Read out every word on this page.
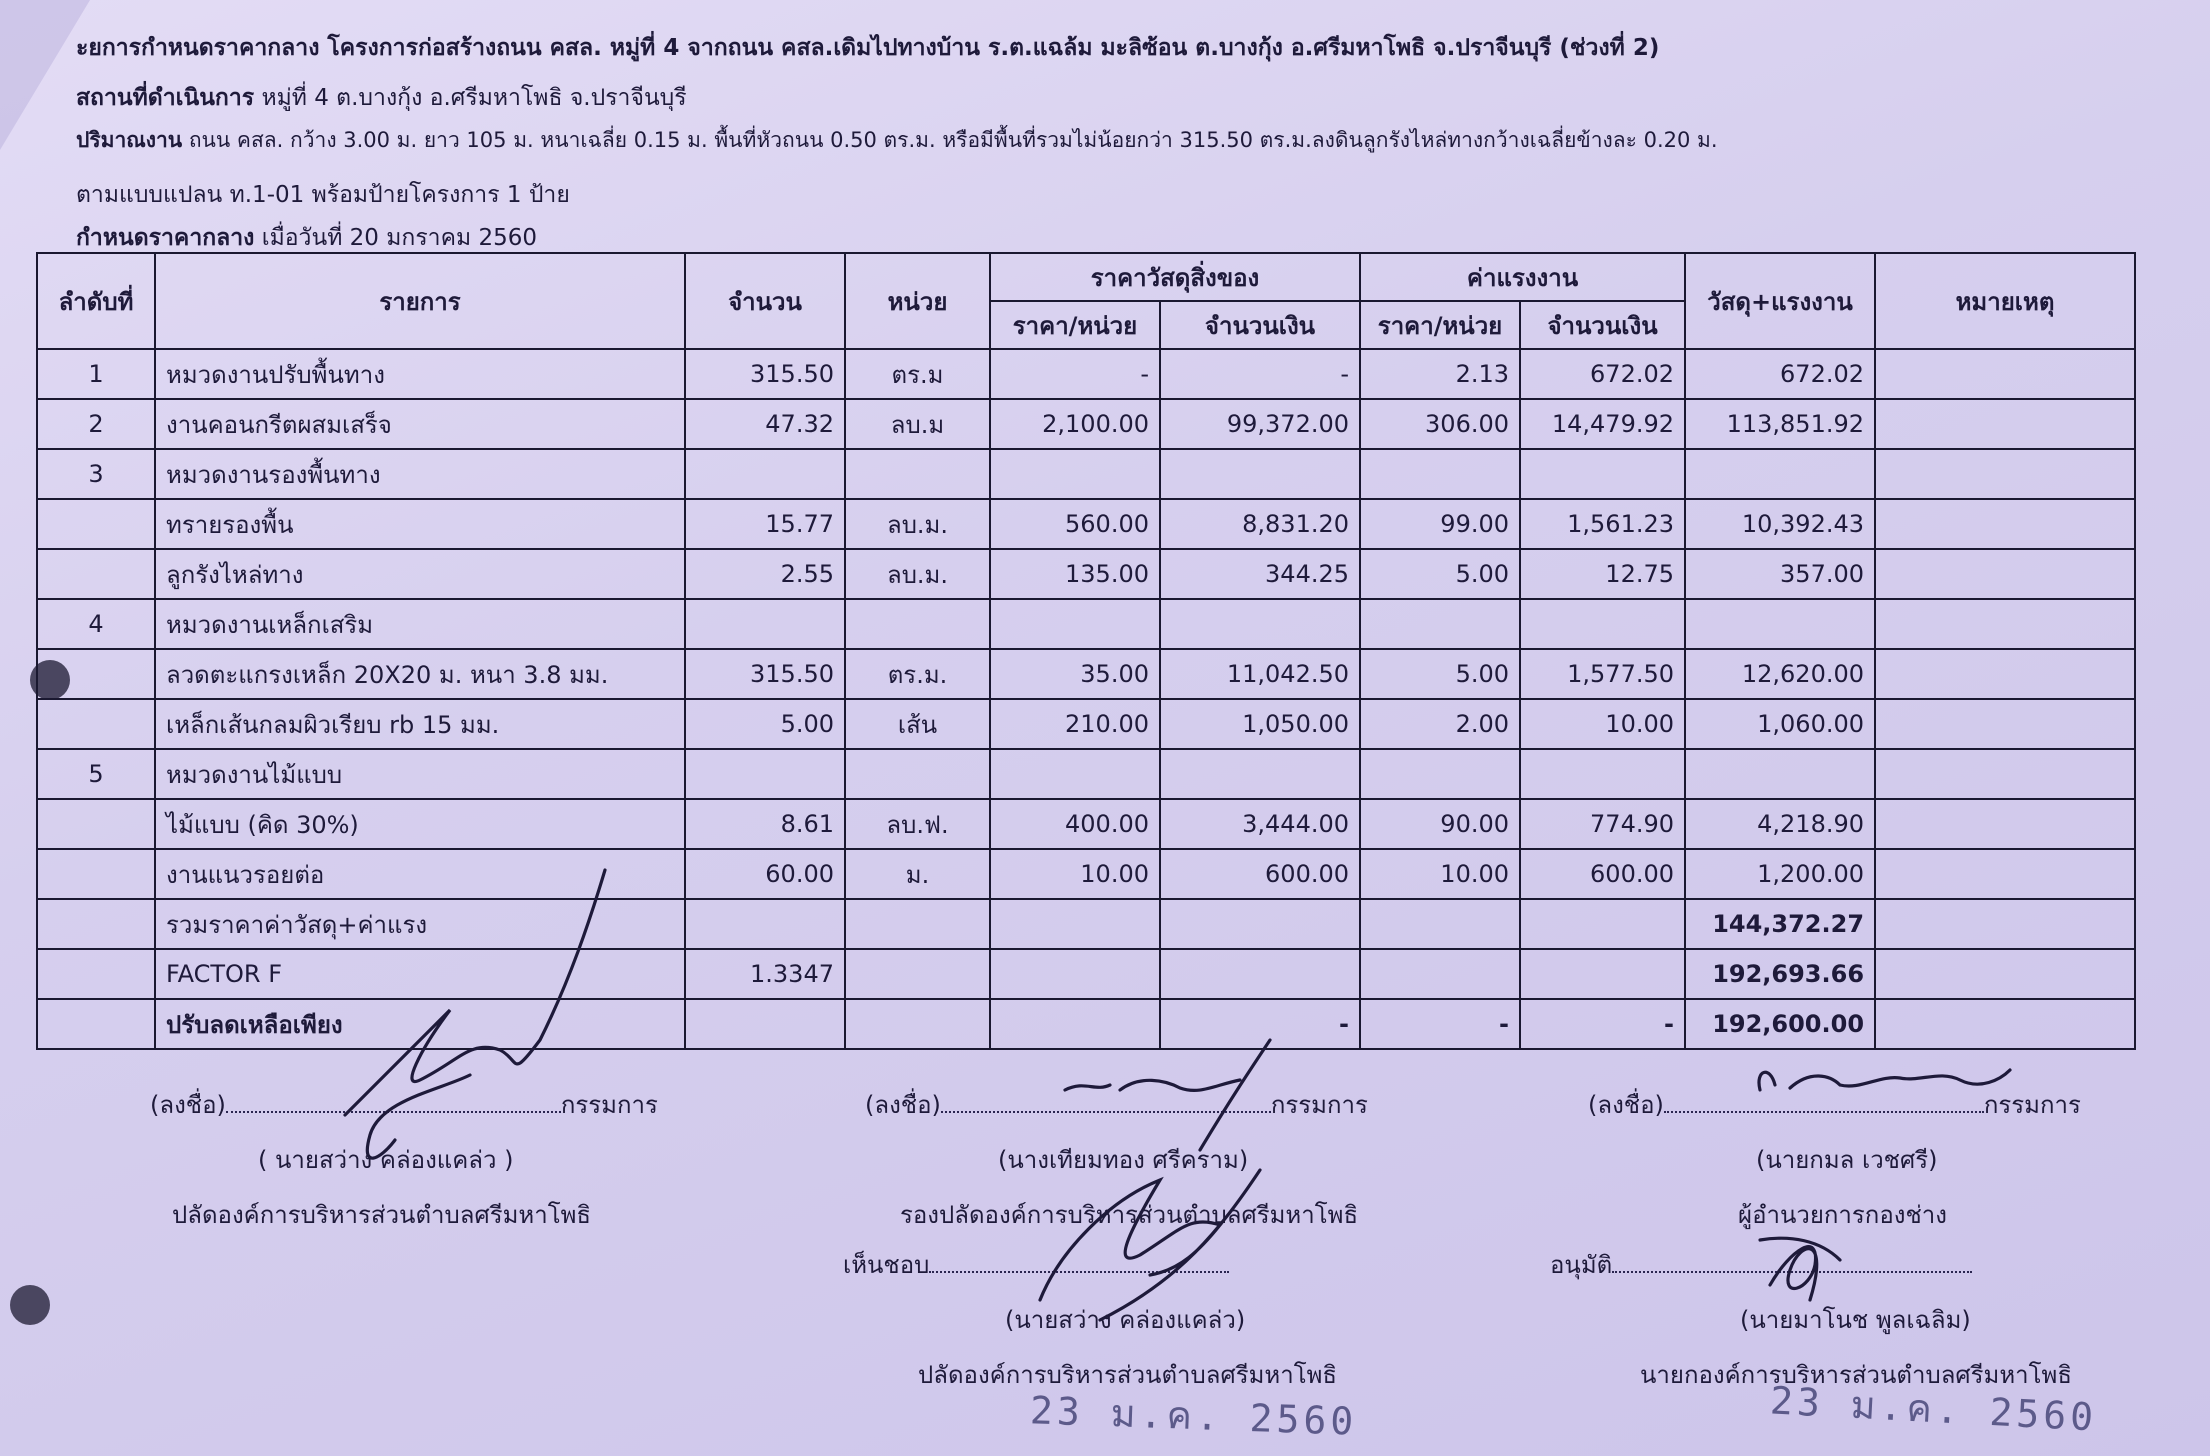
ะยการกำหนดราคากลาง โครงการก่อสร้างถนน คสล. หมู่ที่ 4 จากถนน คสล.เดิมไปทางบ้าน ร.ต.แฉล้ม มะลิซ้อน ต.บางกุ้ง อ.ศรีมหาโพธิ จ.ปราจีนบุรี (ช่วงที่ 2)
สถานที่ดำเนินการ หมู่ที่ 4 ต.บางกุ้ง อ.ศรีมหาโพธิ จ.ปราจีนบุรี
ปริมาณงาน ถนน คสล. กว้าง 3.00 ม. ยาว 105 ม. หนาเฉลี่ย 0.15 ม. พื้นที่หัวถนน 0.50 ตร.ม. หรือมีพื้นที่รวมไม่น้อยกว่า 315.50 ตร.ม.ลงดินลูกรังไหล่ทางกว้างเฉลี่ยข้างละ 0.20 ม.
ตามแบบแปลน ท.1-01 พร้อมป้ายโครงการ 1 ป้าย
กำหนดราคากลาง เมื่อวันที่ 20 มกราคม 2560
ลำดับที่	รายการ	จำนวน	หน่วย	ราคาวัสดุสิ่งของ		ค่าแรงงาน		วัสดุ+แรงงาน	หมายเหตุ
				ราคา/หน่วย	จำนวนเงิน	ราคา/หน่วย	จำนวนเงิน		
1	หมวดงานปรับพื้นทาง	315.50	ตร.ม	-	-	2.13	672.02	672.02	
2	งานคอนกรีตผสมเสร็จ	47.32	ลบ.ม	2,100.00	99,372.00	306.00	14,479.92	113,851.92	
3	หมวดงานรองพื้นทาง								
	ทรายรองพื้น	15.77	ลบ.ม.	560.00	8,831.20	99.00	1,561.23	10,392.43	
	ลูกรังไหล่ทาง	2.55	ลบ.ม.	135.00	344.25	5.00	12.75	357.00	
4	หมวดงานเหล็กเสริม								
	ลวดตะแกรงเหล็ก 20X20 ม. หนา 3.8 มม.	315.50	ตร.ม.	35.00	11,042.50	5.00	1,577.50	12,620.00	
	เหล็กเส้นกลมผิวเรียบ rb 15 มม.	5.00	เส้น	210.00	1,050.00	2.00	10.00	1,060.00	
5	หมวดงานไม้แบบ								
	ไม้แบบ (คิด 30%)	8.61	ลบ.ฟ.	400.00	3,444.00	90.00	774.90	4,218.90	
	งานแนวรอยต่อ	60.00	ม.	10.00	600.00	10.00	600.00	1,200.00	
	รวมราคาค่าวัสดุ+ค่าแรง							144,372.27	
	FACTOR F	1.3347						192,693.66	
	ปรับลดเหลือเพียง				-	-	-	192,600.00	
(ลงชื่อ)	กรรมการ
( นายสว่าง คล่องแคล่ว )
ปลัดองค์การบริหารส่วนตำบลศรีมหาโพธิ
(ลงชื่อ)	กรรมการ
(นางเทียมทอง ศรีคราม)
รองปลัดองค์การบริหารส่วนตำบลศรีมหาโพธิ
(ลงชื่อ)	กรรมการ
(นายกมล เวชศรี)
ผู้อำนวยการกองช่าง
เห็นชอบ
(นายสว่าง คล่องแคล่ว)
ปลัดองค์การบริหารส่วนตำบลศรีมหาโพธิ
อนุมัติ
(นายมาโนช พูลเฉลิม)
นายกองค์การบริหารส่วนตำบลศรีมหาโพธิ
23 ม.ค. 2560	23 ม.ค. 2560
